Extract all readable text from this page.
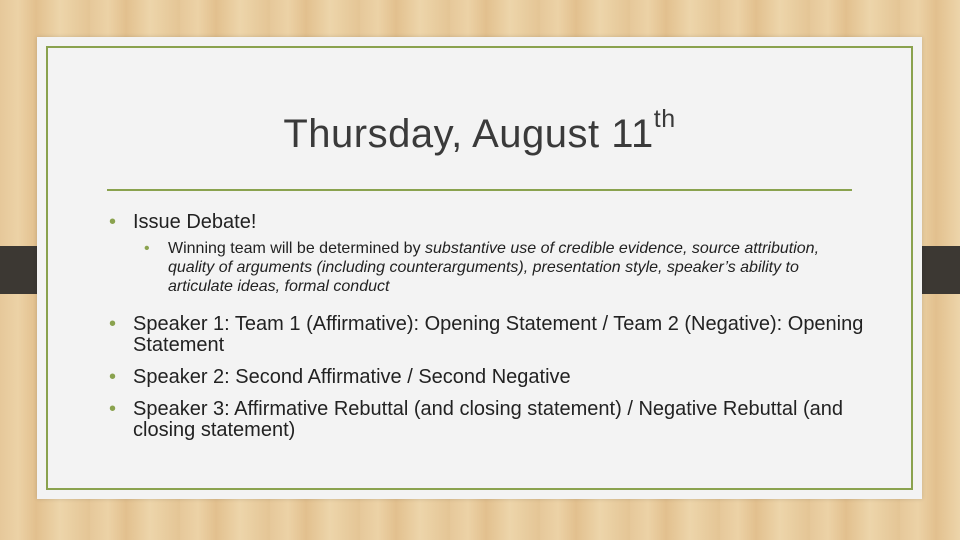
Thursday, August 11th
• Issue Debate!
• Winning team will be determined by substantive use of credible evidence, source attribution, quality of arguments (including counterarguments), presentation style, speaker’s ability to articulate ideas, formal conduct
• Speaker 1: Team 1 (Affirmative): Opening Statement / Team 2 (Negative): Opening Statement
• Speaker 2: Second Affirmative / Second Negative
• Speaker 3: Affirmative Rebuttal (and closing statement) / Negative Rebuttal (and closing statement)
